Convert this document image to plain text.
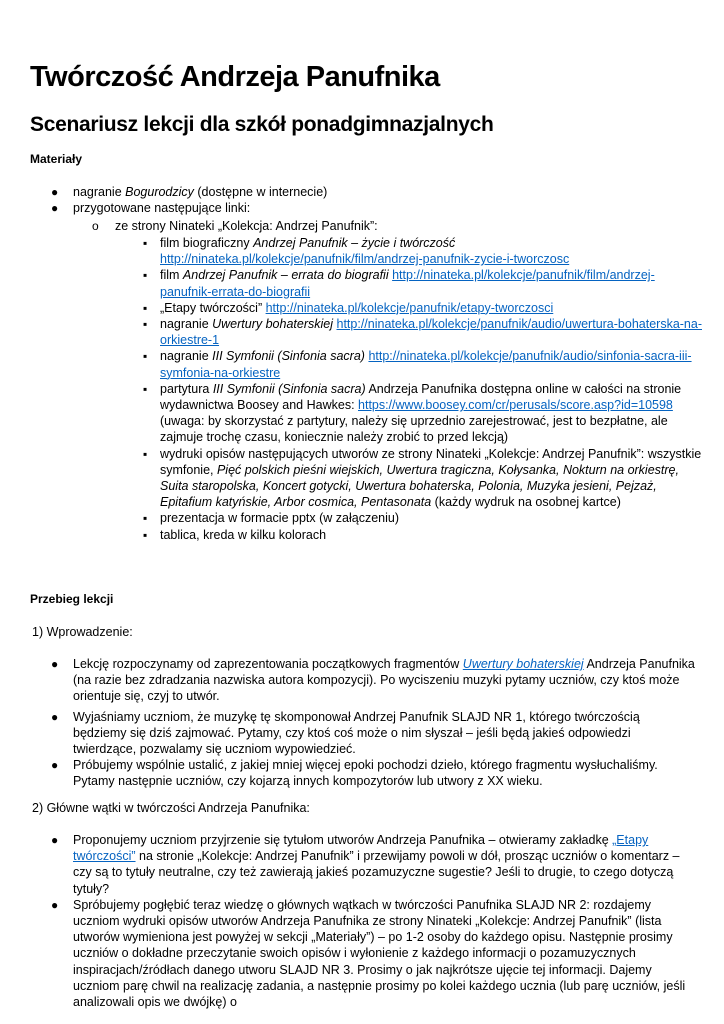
Twórczość Andrzeja Panufnika
Scenariusz lekcji dla szkół ponadgimnazjalnych
Materiały
● nagranie Bogurodzicy (dostępne w internecie)
● przygotowane następujące linki:
o ze strony Ninateki „Kolekcja: Andrzej Panufnik”:
▪ film biograficzny Andrzej Panufnik – życie i twórczość
http://ninateka.pl/kolekcje/panufnik/film/andrzej-panufnik-zycie-i-tworczosc
▪ film Andrzej Panufnik – errata do biografii http://ninateka.pl/kolekcje/panufnik/film/andrzej-panufnik-errata-do-biografii
▪ „Etapy twórczości” http://ninateka.pl/kolekcje/panufnik/etapy-tworczosci
▪ nagranie Uwertury bohaterskiej http://ninateka.pl/kolekcje/panufnik/audio/uwertura-bohaterska-na-orkiestre-1
▪ nagranie III Symfonii (Sinfonia sacra) http://ninateka.pl/kolekcje/panufnik/audio/sinfonia-sacra-iii-symfonia-na-orkiestre
▪ partytura III Symfonii (Sinfonia sacra) Andrzeja Panufnika dostępna online w całości na stronie wydawnictwa Boosey and Hawkes: https://www.boosey.com/cr/perusals/score.asp?id=10598 (uwaga: by skorzystać z partytury, należy się uprzednio zarejestrować, jest to bezpłatne, ale zajmuje trochę czasu, koniecznie należy zrobić to przed lekcją)
▪ wydruki opisów następujących utworów ze strony Ninateki „Kolekcje: Andrzej Panufnik”: wszystkie symfonie, Pięć polskich pieśni wiejskich, Uwertura tragiczna, Kołysanka, Nokturn na orkiestrę, Suita staropolska, Koncert gotycki, Uwertura bohaterska, Polonia, Muzyka jesieni, Pejzaż, Epitafium katyńskie, Arbor cosmica, Pentasonata (każdy wydruk na osobnej kartce)
▪ prezentacja w formacie pptx (w załączeniu)
▪ tablica, kreda w kilku kolorach
Przebieg lekcji
1) Wprowadzenie:
● Lekcję rozpoczynamy od zaprezentowania początkowych fragmentów Uwertury bohaterskiej Andrzeja Panufnika (na razie bez zdradzania nazwiska autora kompozycji). Po wyciszeniu muzyki pytamy uczniów, czy ktoś może orientuje się, czyj to utwór.
● Wyjaśniamy uczniom, że muzykę tę skomponował Andrzej Panufnik SLAJD NR 1, którego twórczością będziemy się dziś zajmować. Pytamy, czy ktoś coś może o nim słyszał – jeśli będą jakieś odpowiedzi twierdzące, pozwalamy się uczniom wypowiedzieć.
● Próbujemy wspólnie ustalić, z jakiej mniej więcej epoki pochodzi dzieło, którego fragmentu wysłuchaliśmy. Pytamy następnie uczniów, czy kojarzą innych kompozytorów lub utwory z XX wieku.
2) Główne wątki w twórczości Andrzeja Panufnika:
● Proponujemy uczniom przyjrzenie się tytułom utworów Andrzeja Panufnika – otwieramy zakładkę „Etapy twórczości” na stronie „Kolekcje: Andrzej Panufnik” i przewijamy powoli w dół, prosząc uczniów o komentarz – czy są to tytuły neutralne, czy też zawierają jakieś pozamuzyczne sugestie? Jeśli to drugie, to czego dotyczą tytuły?
● Spróbujemy pogłębić teraz wiedzę o głównych wątkach w twórczości Panufnika SLAJD NR 2: rozdajemy uczniom wydruki opisów utworów Andrzeja Panufnika ze strony Ninateki „Kolekcje: Andrzej Panufnik” (lista utworów wymieniona jest powyżej w sekcji „Materiały”) – po 1-2 osoby do każdego opisu. Następnie prosimy uczniów o dokładne przeczytanie swoich opisów i wyłonienie z każdego informacji o pozamuzycznych inspiracjach/źródłach danego utworu SLAJD NR 3. Prosimy o jak najkrótsze ujęcie tej informacji. Dajemy uczniom parę chwil na realizację zadania, a następnie prosimy po kolei każdego ucznia (lub parę uczniów, jeśli analizowali opis we dwójkę) o
